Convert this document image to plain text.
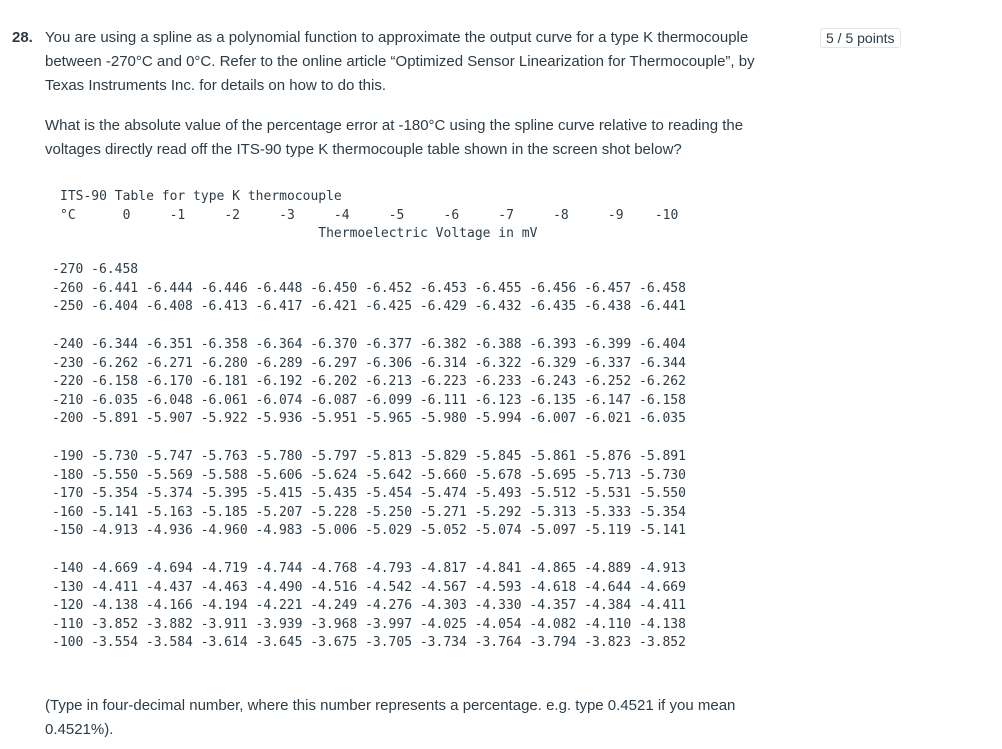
28.	5 / 5 points

You are using a spline as a polynomial function to approximate the output curve for a type K thermocouple between -270°C and 0°C. Refer to the online article “Optimized Sensor Linearization for Thermocouple”, by Texas Instruments Inc. for details on how to do this.

What is the absolute value of the percentage error at -180°C using the spline curve relative to reading the voltages directly read off the ITS-90 type K thermocouple table shown in the screen shot below?

ITS-90 Table for type K thermocouple
°C      0     -1     -2     -3     -4     -5     -6     -7     -8     -9    -10
Thermoelectric Voltage in mV
-270 -6.458
-260 -6.441 -6.444 -6.446 -6.448 -6.450 -6.452 -6.453 -6.455 -6.456 -6.457 -6.458
-250 -6.404 -6.408 -6.413 -6.417 -6.421 -6.425 -6.429 -6.432 -6.435 -6.438 -6.441
-240 -6.344 -6.351 -6.358 -6.364 -6.370 -6.377 -6.382 -6.388 -6.393 -6.399 -6.404
-230 -6.262 -6.271 -6.280 -6.289 -6.297 -6.306 -6.314 -6.322 -6.329 -6.337 -6.344
-220 -6.158 -6.170 -6.181 -6.192 -6.202 -6.213 -6.223 -6.233 -6.243 -6.252 -6.262
-210 -6.035 -6.048 -6.061 -6.074 -6.087 -6.099 -6.111 -6.123 -6.135 -6.147 -6.158
-200 -5.891 -5.907 -5.922 -5.936 -5.951 -5.965 -5.980 -5.994 -6.007 -6.021 -6.035
-190 -5.730 -5.747 -5.763 -5.780 -5.797 -5.813 -5.829 -5.845 -5.861 -5.876 -5.891
-180 -5.550 -5.569 -5.588 -5.606 -5.624 -5.642 -5.660 -5.678 -5.695 -5.713 -5.730
-170 -5.354 -5.374 -5.395 -5.415 -5.435 -5.454 -5.474 -5.493 -5.512 -5.531 -5.550
-160 -5.141 -5.163 -5.185 -5.207 -5.228 -5.250 -5.271 -5.292 -5.313 -5.333 -5.354
-150 -4.913 -4.936 -4.960 -4.983 -5.006 -5.029 -5.052 -5.074 -5.097 -5.119 -5.141
-140 -4.669 -4.694 -4.719 -4.744 -4.768 -4.793 -4.817 -4.841 -4.865 -4.889 -4.913
-130 -4.411 -4.437 -4.463 -4.490 -4.516 -4.542 -4.567 -4.593 -4.618 -4.644 -4.669
-120 -4.138 -4.166 -4.194 -4.221 -4.249 -4.276 -4.303 -4.330 -4.357 -4.384 -4.411
-110 -3.852 -3.882 -3.911 -3.939 -3.968 -3.997 -4.025 -4.054 -4.082 -4.110 -4.138
-100 -3.554 -3.584 -3.614 -3.645 -3.675 -3.705 -3.734 -3.764 -3.794 -3.823 -3.852

(Type in four-decimal number, where this number represents a percentage. e.g. type 0.4521 if you mean 0.4521%).
